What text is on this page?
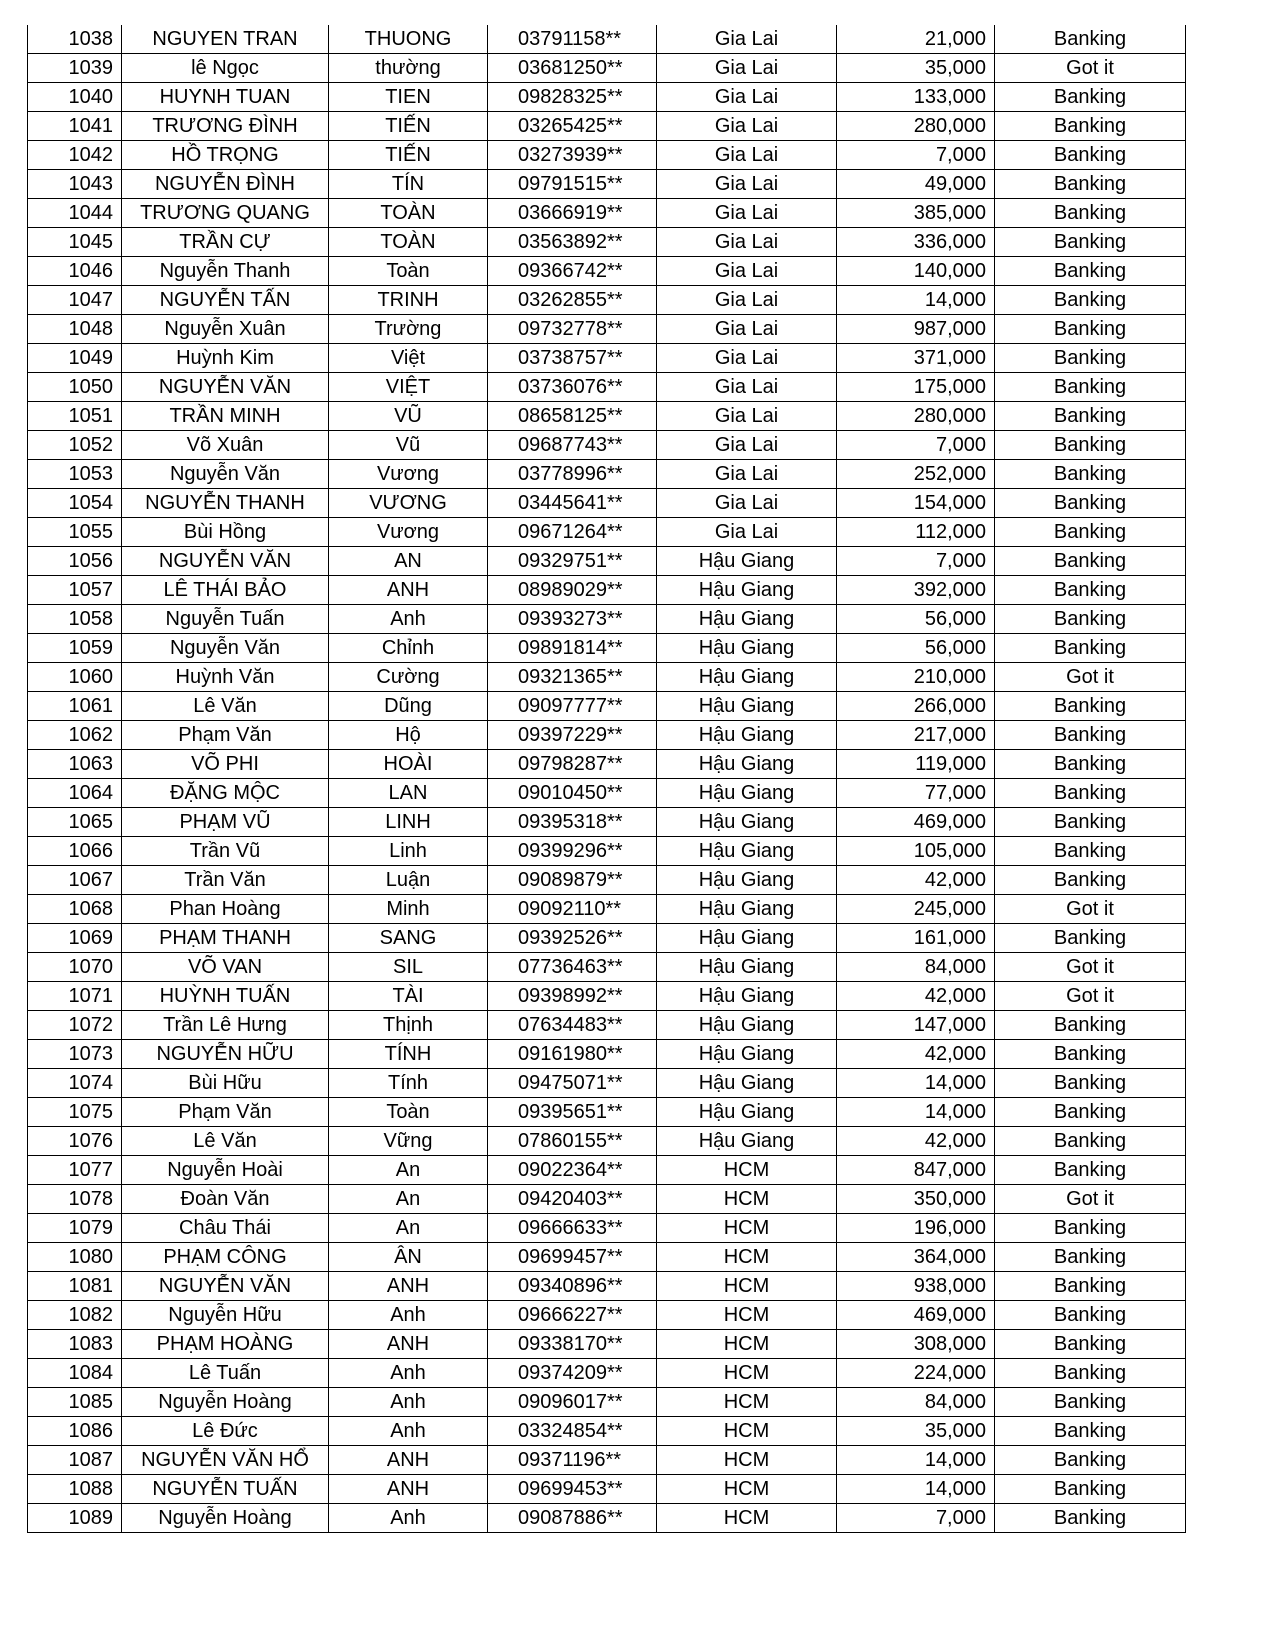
1038	NGUYEN TRAN	THUONG	03791158**	Gia Lai	21,000	Banking
1039	lê Ngọc	thường	03681250**	Gia Lai	35,000	Got it
1040	HUYNH TUAN	TIEN	09828325**	Gia Lai	133,000	Banking
1041	TRƯƠNG ĐÌNH	TIẾN	03265425**	Gia Lai	280,000	Banking
1042	HỒ TRỌNG	TIẾN	03273939**	Gia Lai	7,000	Banking
1043	NGUYỄN ĐÌNH	TÍN	09791515**	Gia Lai	49,000	Banking
1044	TRƯƠNG QUANG	TOÀN	03666919**	Gia Lai	385,000	Banking
1045	TRẦN CỰ	TOÀN	03563892**	Gia Lai	336,000	Banking
1046	Nguyễn Thanh	Toàn	09366742**	Gia Lai	140,000	Banking
1047	NGUYỄN TẤN	TRINH	03262855**	Gia Lai	14,000	Banking
1048	Nguyễn Xuân	Trường	09732778**	Gia Lai	987,000	Banking
1049	Huỳnh Kim	Việt	03738757**	Gia Lai	371,000	Banking
1050	NGUYỄN VĂN	VIỆT	03736076**	Gia Lai	175,000	Banking
1051	TRẦN MINH	VŨ	08658125**	Gia Lai	280,000	Banking
1052	Võ Xuân	Vũ	09687743**	Gia Lai	7,000	Banking
1053	Nguyễn Văn	Vương	03778996**	Gia Lai	252,000	Banking
1054	NGUYỄN THANH	VƯƠNG	03445641**	Gia Lai	154,000	Banking
1055	Bùi Hồng	Vương	09671264**	Gia Lai	112,000	Banking
1056	NGUYỄN VĂN	AN	09329751**	Hậu Giang	7,000	Banking
1057	LÊ THÁI BẢO	ANH	08989029**	Hậu Giang	392,000	Banking
1058	Nguyễn Tuấn	Anh	09393273**	Hậu Giang	56,000	Banking
1059	Nguyễn Văn	Chỉnh	09891814**	Hậu Giang	56,000	Banking
1060	Huỳnh Văn	Cường	09321365**	Hậu Giang	210,000	Got it
1061	Lê Văn	Dũng	09097777**	Hậu Giang	266,000	Banking
1062	Phạm Văn	Hộ	09397229**	Hậu Giang	217,000	Banking
1063	VÕ PHI	HOÀI	09798287**	Hậu Giang	119,000	Banking
1064	ĐẶNG MỘC	LAN	09010450**	Hậu Giang	77,000	Banking
1065	PHẠM VŨ	LINH	09395318**	Hậu Giang	469,000	Banking
1066	Trần Vũ	Linh	09399296**	Hậu Giang	105,000	Banking
1067	Trần Văn	Luận	09089879**	Hậu Giang	42,000	Banking
1068	Phan Hoàng	Minh	09092110**	Hậu Giang	245,000	Got it
1069	PHẠM THANH	SANG	09392526**	Hậu Giang	161,000	Banking
1070	VÕ VAN	SIL	07736463**	Hậu Giang	84,000	Got it
1071	HUỲNH TUẤN	TÀI	09398992**	Hậu Giang	42,000	Got it
1072	Trần Lê Hưng	Thịnh	07634483**	Hậu Giang	147,000	Banking
1073	NGUYỄN HỮU	TÍNH	09161980**	Hậu Giang	42,000	Banking
1074	Bùi Hữu	Tính	09475071**	Hậu Giang	14,000	Banking
1075	Phạm Văn	Toàn	09395651**	Hậu Giang	14,000	Banking
1076	Lê Văn	Vững	07860155**	Hậu Giang	42,000	Banking
1077	Nguyễn Hoài	An	09022364**	HCM	847,000	Banking
1078	Đoàn Văn	An	09420403**	HCM	350,000	Got it
1079	Châu Thái	An	09666633**	HCM	196,000	Banking
1080	PHẠM CÔNG	ÂN	09699457**	HCM	364,000	Banking
1081	NGUYỄN VĂN	ANH	09340896**	HCM	938,000	Banking
1082	Nguyễn Hữu	Anh	09666227**	HCM	469,000	Banking
1083	PHẠM HOÀNG	ANH	09338170**	HCM	308,000	Banking
1084	Lê Tuấn	Anh	09374209**	HCM	224,000	Banking
1085	Nguyễn Hoàng	Anh	09096017**	HCM	84,000	Banking
1086	Lê Đức	Anh	03324854**	HCM	35,000	Banking
1087	NGUYỄN VĂN HỔ	ANH	09371196**	HCM	14,000	Banking
1088	NGUYỄN TUẤN	ANH	09699453**	HCM	14,000	Banking
1089	Nguyễn Hoàng	Anh	09087886**	HCM	7,000	Banking
